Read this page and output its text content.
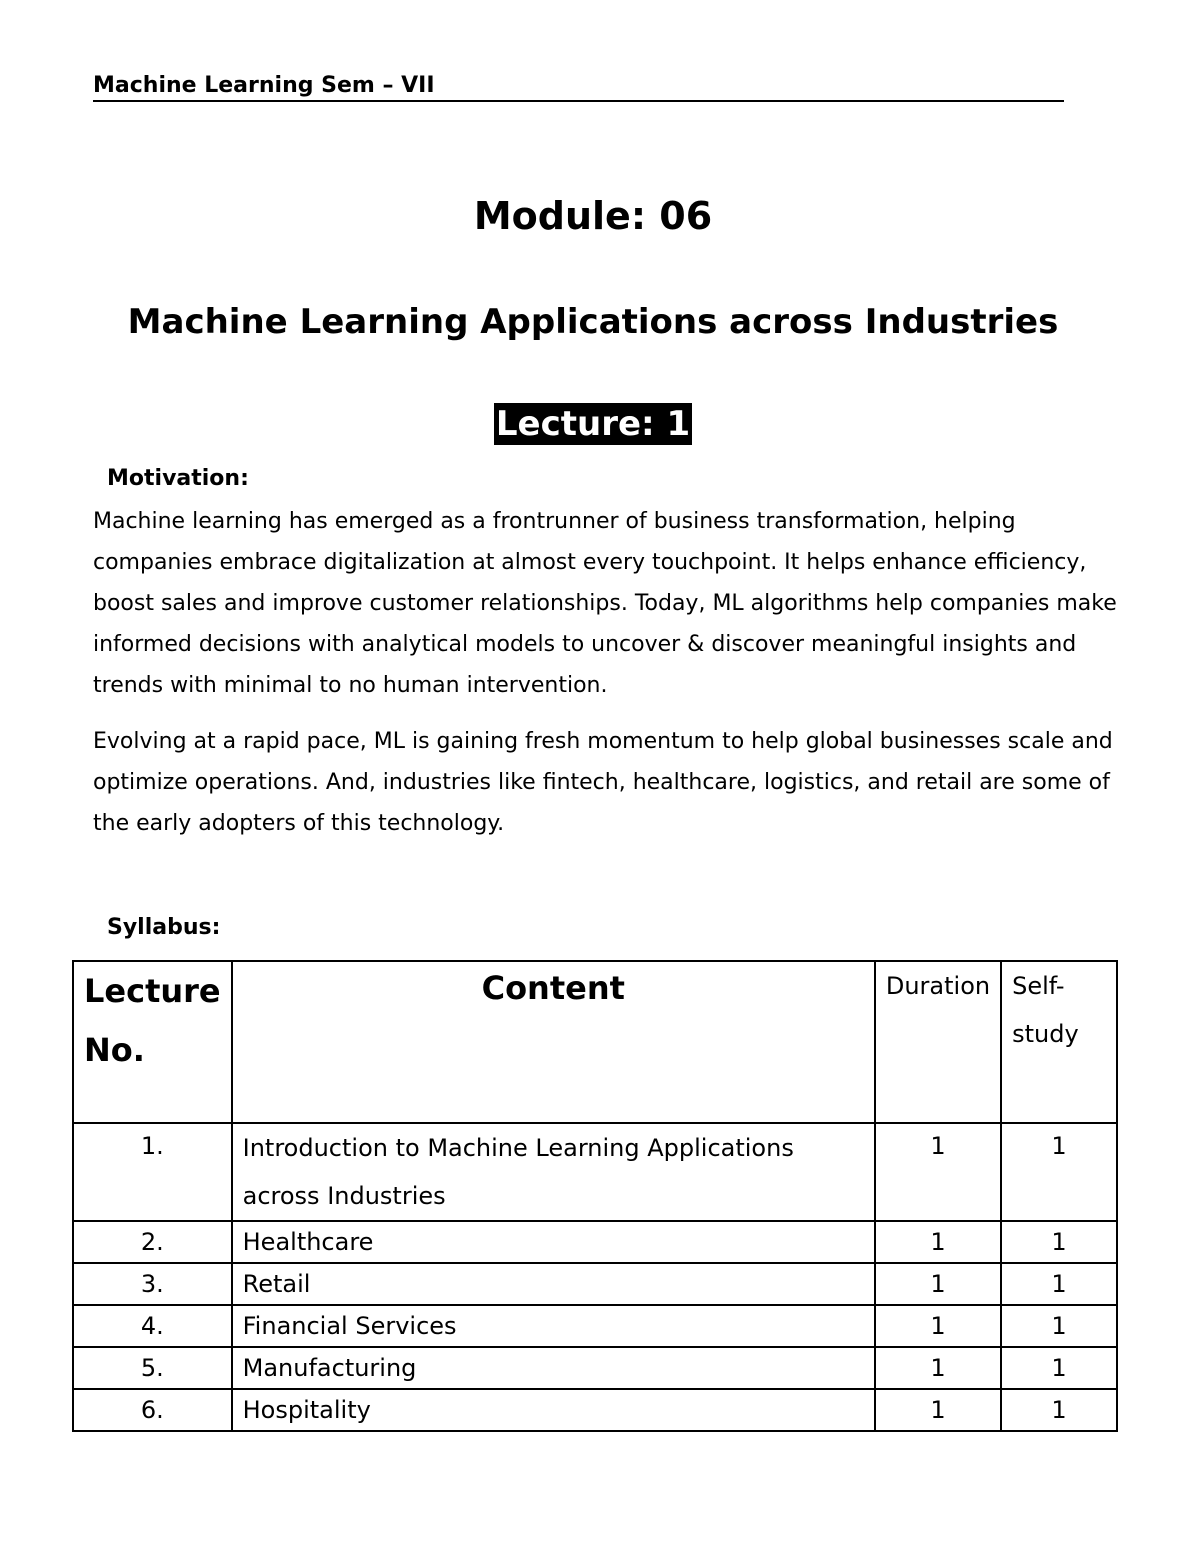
Machine Learning Sem – VII
Module: 06
Machine Learning Applications across Industries
Lecture: 1
Motivation:

Machine learning has emerged as a frontrunner of business transformation, helping companies embrace digitalization at almost every touchpoint. It helps enhance efficiency, boost sales and improve customer relationships. Today, ML algorithms help companies make informed decisions with analytical models to uncover & discover meaningful insights and trends with minimal to no human intervention.

Evolving at a rapid pace, ML is gaining fresh momentum to help global businesses scale and optimize operations. And, industries like fintech, healthcare, logistics, and retail are some of the early adopters of this technology.

Syllabus:
Lecture No.	Content	Duration	Self-study
1.	Introduction to Machine Learning Applications across Industries	1	1
2.	Healthcare	1	1
3.	Retail	1	1
4.	Financial Services	1	1
5.	Manufacturing	1	1
6.	Hospitality	1	1
